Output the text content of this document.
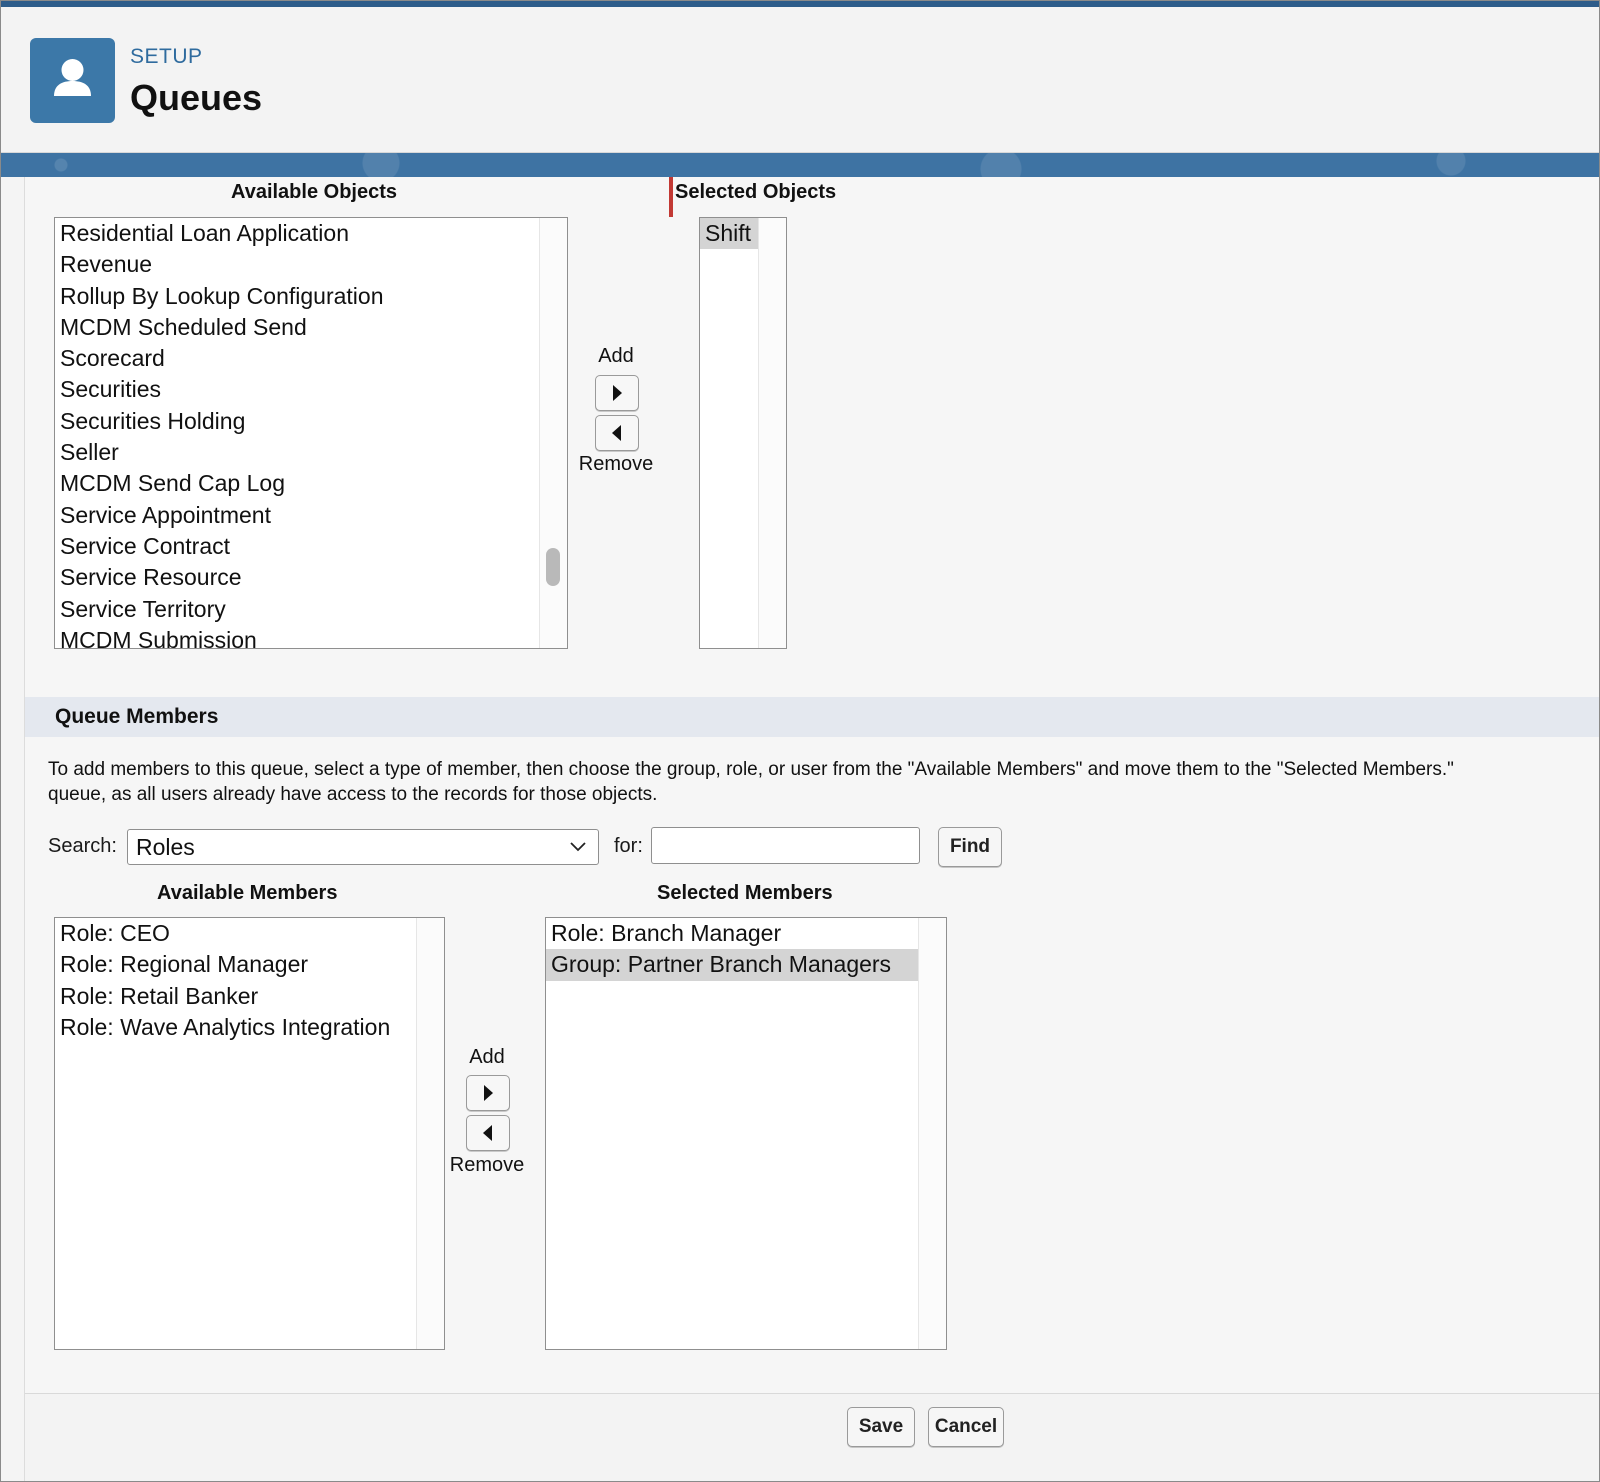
SETUP
Queues
Available Objects	Selected Objects
Residential Loan Application
Revenue
Rollup By Lookup Configuration
MCDM Scheduled Send
Scorecard
Securities
Securities Holding
Seller
MCDM Send Cap Log
Service Appointment
Service Contract
Service Resource
Service Territory
MCDM Submission
Add
Remove
Shift
Queue Members
To add members to this queue, select a type of member, then choose the group, role, or user from the "Available Members" and move them to the "Selected Members."
queue, as all users already have access to the records for those objects.
Search: Roles	for:	Find
Available Members	Selected Members
Role: CEO
Role: Regional Manager
Role: Retail Banker
Role: Wave Analytics Integration
Add
Remove
Role: Branch Manager
Group: Partner Branch Managers
Save	Cancel
